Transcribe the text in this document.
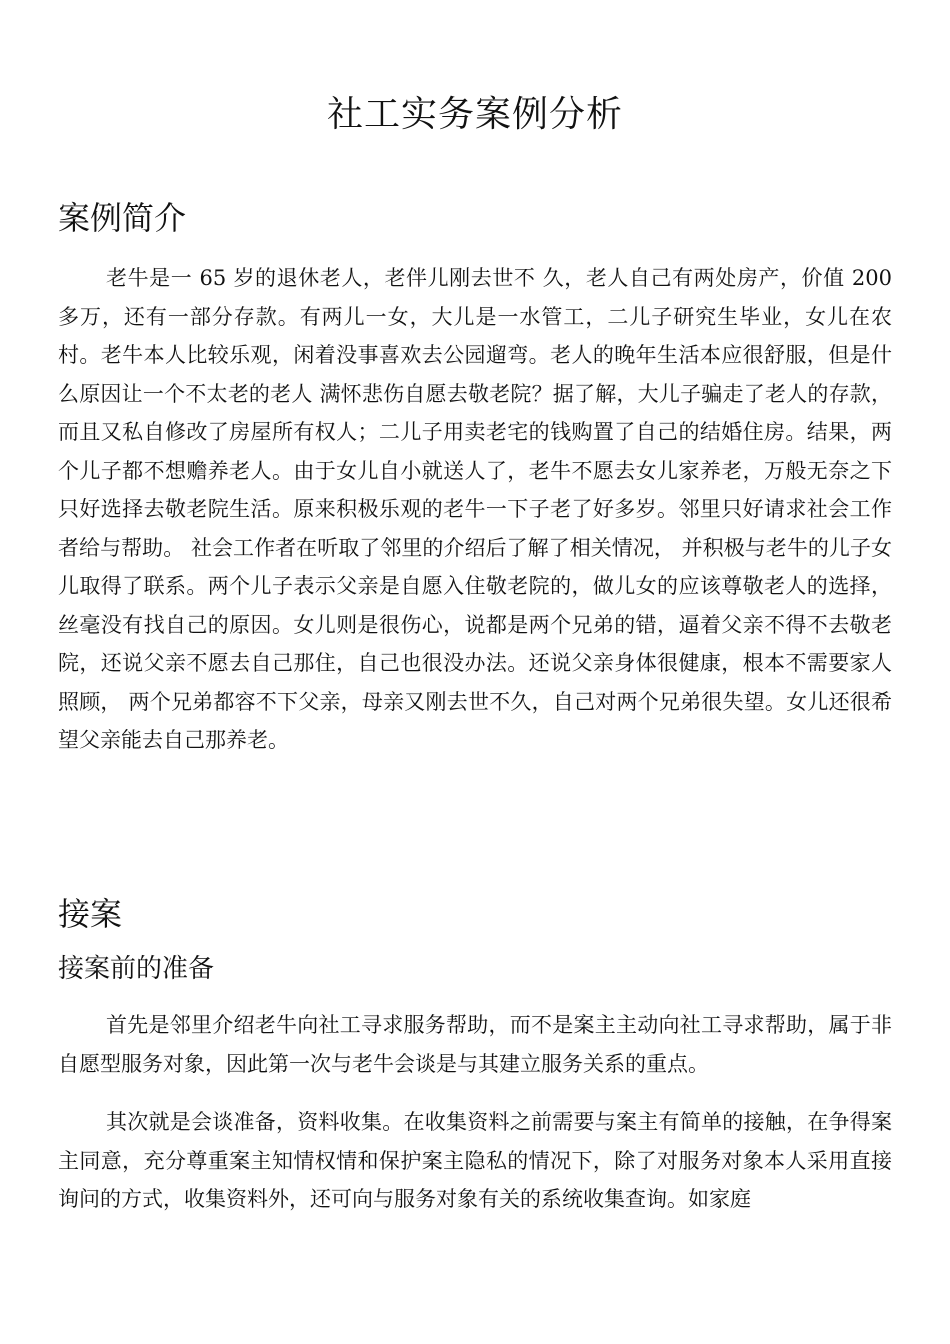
社工实务案例分析
案例简介

老牛是一 65 岁的退休老人，老伴儿刚去世不 久，老人自己有两处房产，价值 200 多万，还有一部分存款。有两儿一女，大儿是一水管工，二儿子研究生毕业，女儿在农村。老牛本人比较乐观，闲着没事喜欢去公园遛弯。老人的晚年生活本应很舒服，但是什么原因让一个不太老的老人 满怀悲伤自愿去敬老院？据了解，大儿子骗走了老人的存款， 而且又私自修改了房屋所有权人；二儿子用卖老宅的钱购置了自己的结婚住房。结果，两个儿子都不想赡养老人。由于女儿自小就送人了，老牛不愿去女儿家养老，万般无奈之下 只好选择去敬老院生活。原来积极乐观的老牛一下子老了好多岁。邻里只好请求社会工作者给与帮助。 社会工作者在听取了邻里的介绍后了解了相关情况， 并积极与老牛的儿子女儿取得了联系。两个儿子表示父亲是自愿入住敬老院的，做儿女的应该尊敬老人的选择，丝毫没有找自己的原因。女儿则是很伤心，说都是两个兄弟的错，逼着父亲不得不去敬老院，还说父亲不愿去自己那住，自己也很没办法。还说父亲身体很健康，根本不需要家人照顾， 两个兄弟都容不下父亲，母亲又刚去世不久，自己对两个兄弟很失望。女儿还很希望父亲能去自己那养老。

接案
接案前的准备

首先是邻里介绍老牛向社工寻求服务帮助，而不是案主主动向社工寻求帮助，属于非自愿型服务对象，因此第一次与老牛会谈是与其建立服务关系的重点。

其次就是会谈准备，资料收集。在收集资料之前需要与案主有简单的接触，在争得案主同意，充分尊重案主知情权情和保护案主隐私的情况下，除了对服务对象本人采用直接询问的方式，收集资料外，还可向与服务对象有关的系统收集查询。如家庭
